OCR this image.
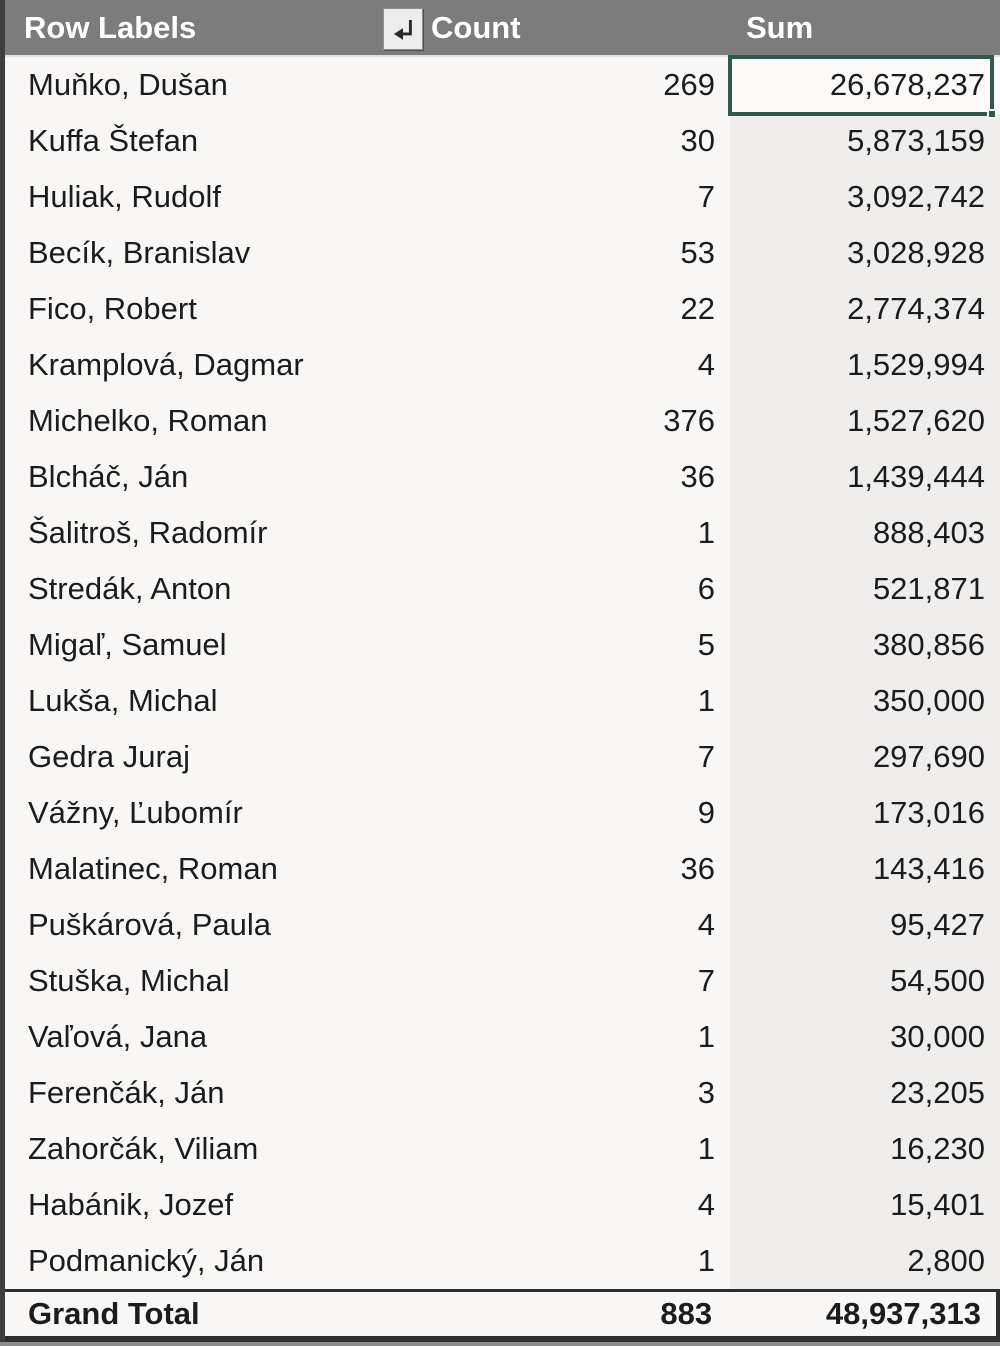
Row Labels	Count	Sum
Muňko, Dušan	269	26,678,237
Kuffa Štefan	30	5,873,159
Huliak, Rudolf	7	3,092,742
Becík, Branislav	53	3,028,928
Fico, Robert	22	2,774,374
Kramplová, Dagmar	4	1,529,994
Michelko, Roman	376	1,527,620
Blcháč, Ján	36	1,439,444
Šalitroš, Radomír	1	888,403
Stredák, Anton	6	521,871
Migaľ, Samuel	5	380,856
Lukša, Michal	1	350,000
Gedra Juraj	7	297,690
Vážny, Ľubomír	9	173,016
Malatinec, Roman	36	143,416
Puškárová, Paula	4	95,427
Stuška, Michal	7	54,500
Vaľová, Jana	1	30,000
Ferenčák, Ján	3	23,205
Zahorčák, Viliam	1	16,230
Habánik, Jozef	4	15,401
Podmanický, Ján	1	2,800
Grand Total	883	48,937,313
